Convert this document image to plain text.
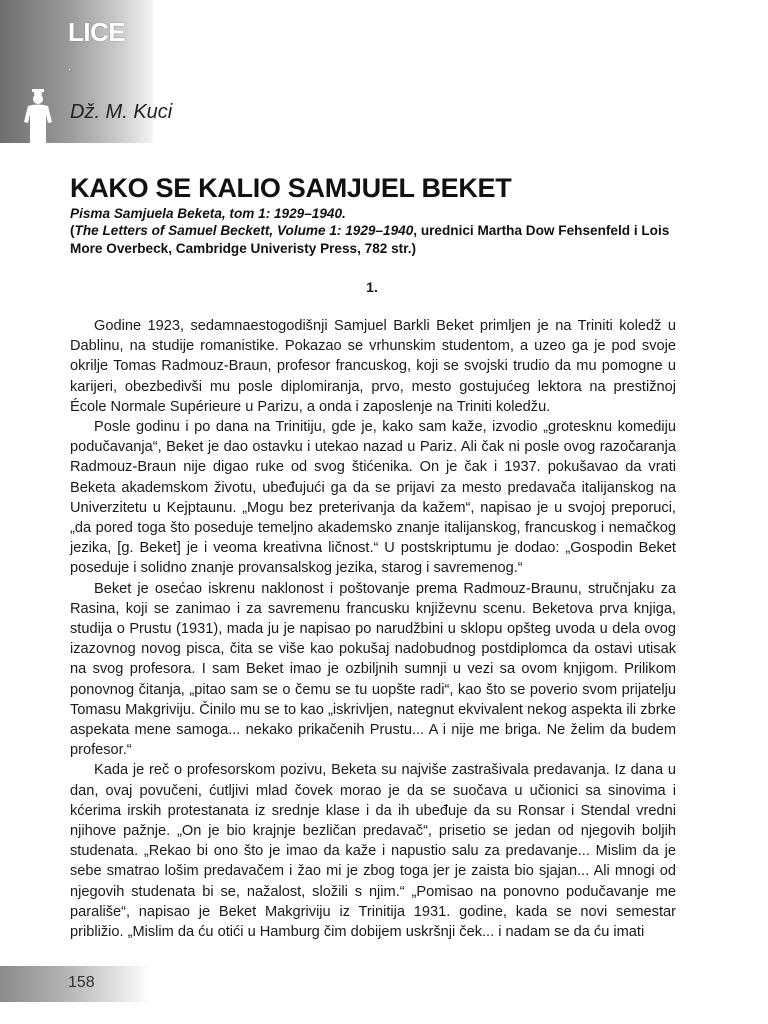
LICE
·
Dž. M. Kuci
KAKO SE KALIO SAMJUEL BEKET
Pisma Samjuela Beketa, tom 1: 1929–1940.
(The Letters of Samuel Beckett, Volume 1: 1929–1940, urednici Martha Dow Fehsenfeld i Lois More Overbeck, Cambridge Univeristy Press, 782 str.)
1.

Godine 1923, sedamnaestogodišnji Samjuel Barkli Beket primljen je na Triniti koledž u Dablinu, na studije romanistike. Pokazao se vrhunskim studentom, a uzeo ga je pod svoje okrilje Tomas Radmouz-Braun, profesor francuskog, koji se svojski trudio da mu pomogne u karijeri, obezbedivši mu posle diplomiranja, prvo, mesto gostujućeg lektora na prestižnoj École Normale Supérieure u Parizu, a onda i zaposlenje na Triniti koledžu.

Posle godinu i po dana na Trinitiju, gde je, kako sam kaže, izvodio „grotesknu komediju podučavanja“, Beket je dao ostavku i utekao nazad u Pariz. Ali čak ni posle ovog razočaranja Radmouz-Braun nije digao ruke od svog štićenika. On je čak i 1937. pokušavao da vrati Beketa akademskom životu, ubeđujući ga da se prijavi za mesto predavača italijanskog na Univerzitetu u Kejptaunu. „Mogu bez preterivanja da kažem“, napisao je u svojoj preporuci, „da pored toga što poseduje temeljno akademsko znanje italijanskog, francuskog i nemačkog jezika, [g. Beket] je i veoma kreativna ličnost.“ U postskriptumu je dodao: „Gospodin Beket poseduje i solidno znanje provansalskog jezika, starog i savremenog.“

Beket je osećao iskrenu naklonost i poštovanje prema Radmouz-Braunu, stručnjaku za Rasina, koji se zanimao i za savremenu francusku književnu scenu. Beketova prva knjiga, studija o Prustu (1931), mada ju je napisao po narudžbini u sklopu opšteg uvoda u dela ovog izazovnog novog pisca, čita se više kao pokušaj nadobudnog postdiplomca da ostavi utisak na svog profesora. I sam Beket imao je ozbiljnih sumnji u vezi sa ovom knjigom. Prilikom ponovnog čitanja, „pitao sam se o čemu se tu uopšte radi“, kao što se poverio svom prijatelju Tomasu Makgriviju. Činilo mu se to kao „iskrivljen, nategnut ekvivalent nekog aspekta ili zbrke aspekata mene samoga... nekako prikačenih Prustu... A i nije me briga. Ne želim da budem profesor.“

Kada je reč o profesorskom pozivu, Beketa su najviše zastrašivala predavanja. Iz dana u dan, ovaj povučeni, ćutljivi mlad čovek morao je da se suočava u učionici sa sinovima i kćerima irskih protestanata iz srednje klase i da ih ubeđuje da su Ronsar i Stendal vredni njihove pažnje. „On je bio krajnje bezličan predavač“, prisetio se jedan od njegovih boljih studenata. „Rekao bi ono što je imao da kaže i napustio salu za predavanje... Mislim da je sebe smatrao lošim predavačem i žao mi je zbog toga jer je zaista bio sjajan... Ali mnogi od njegovih studenata bi se, nažalost, složili s njim.“ „Pomisao na ponovno podučavanje me parališe“, napisao je Beket Makgriviju iz Trinitija 1931. godine, kada se novi semestar približio. „Mislim da ću otići u Hamburg čim dobijem uskršnji ček... i nadam se da ću imati

158
